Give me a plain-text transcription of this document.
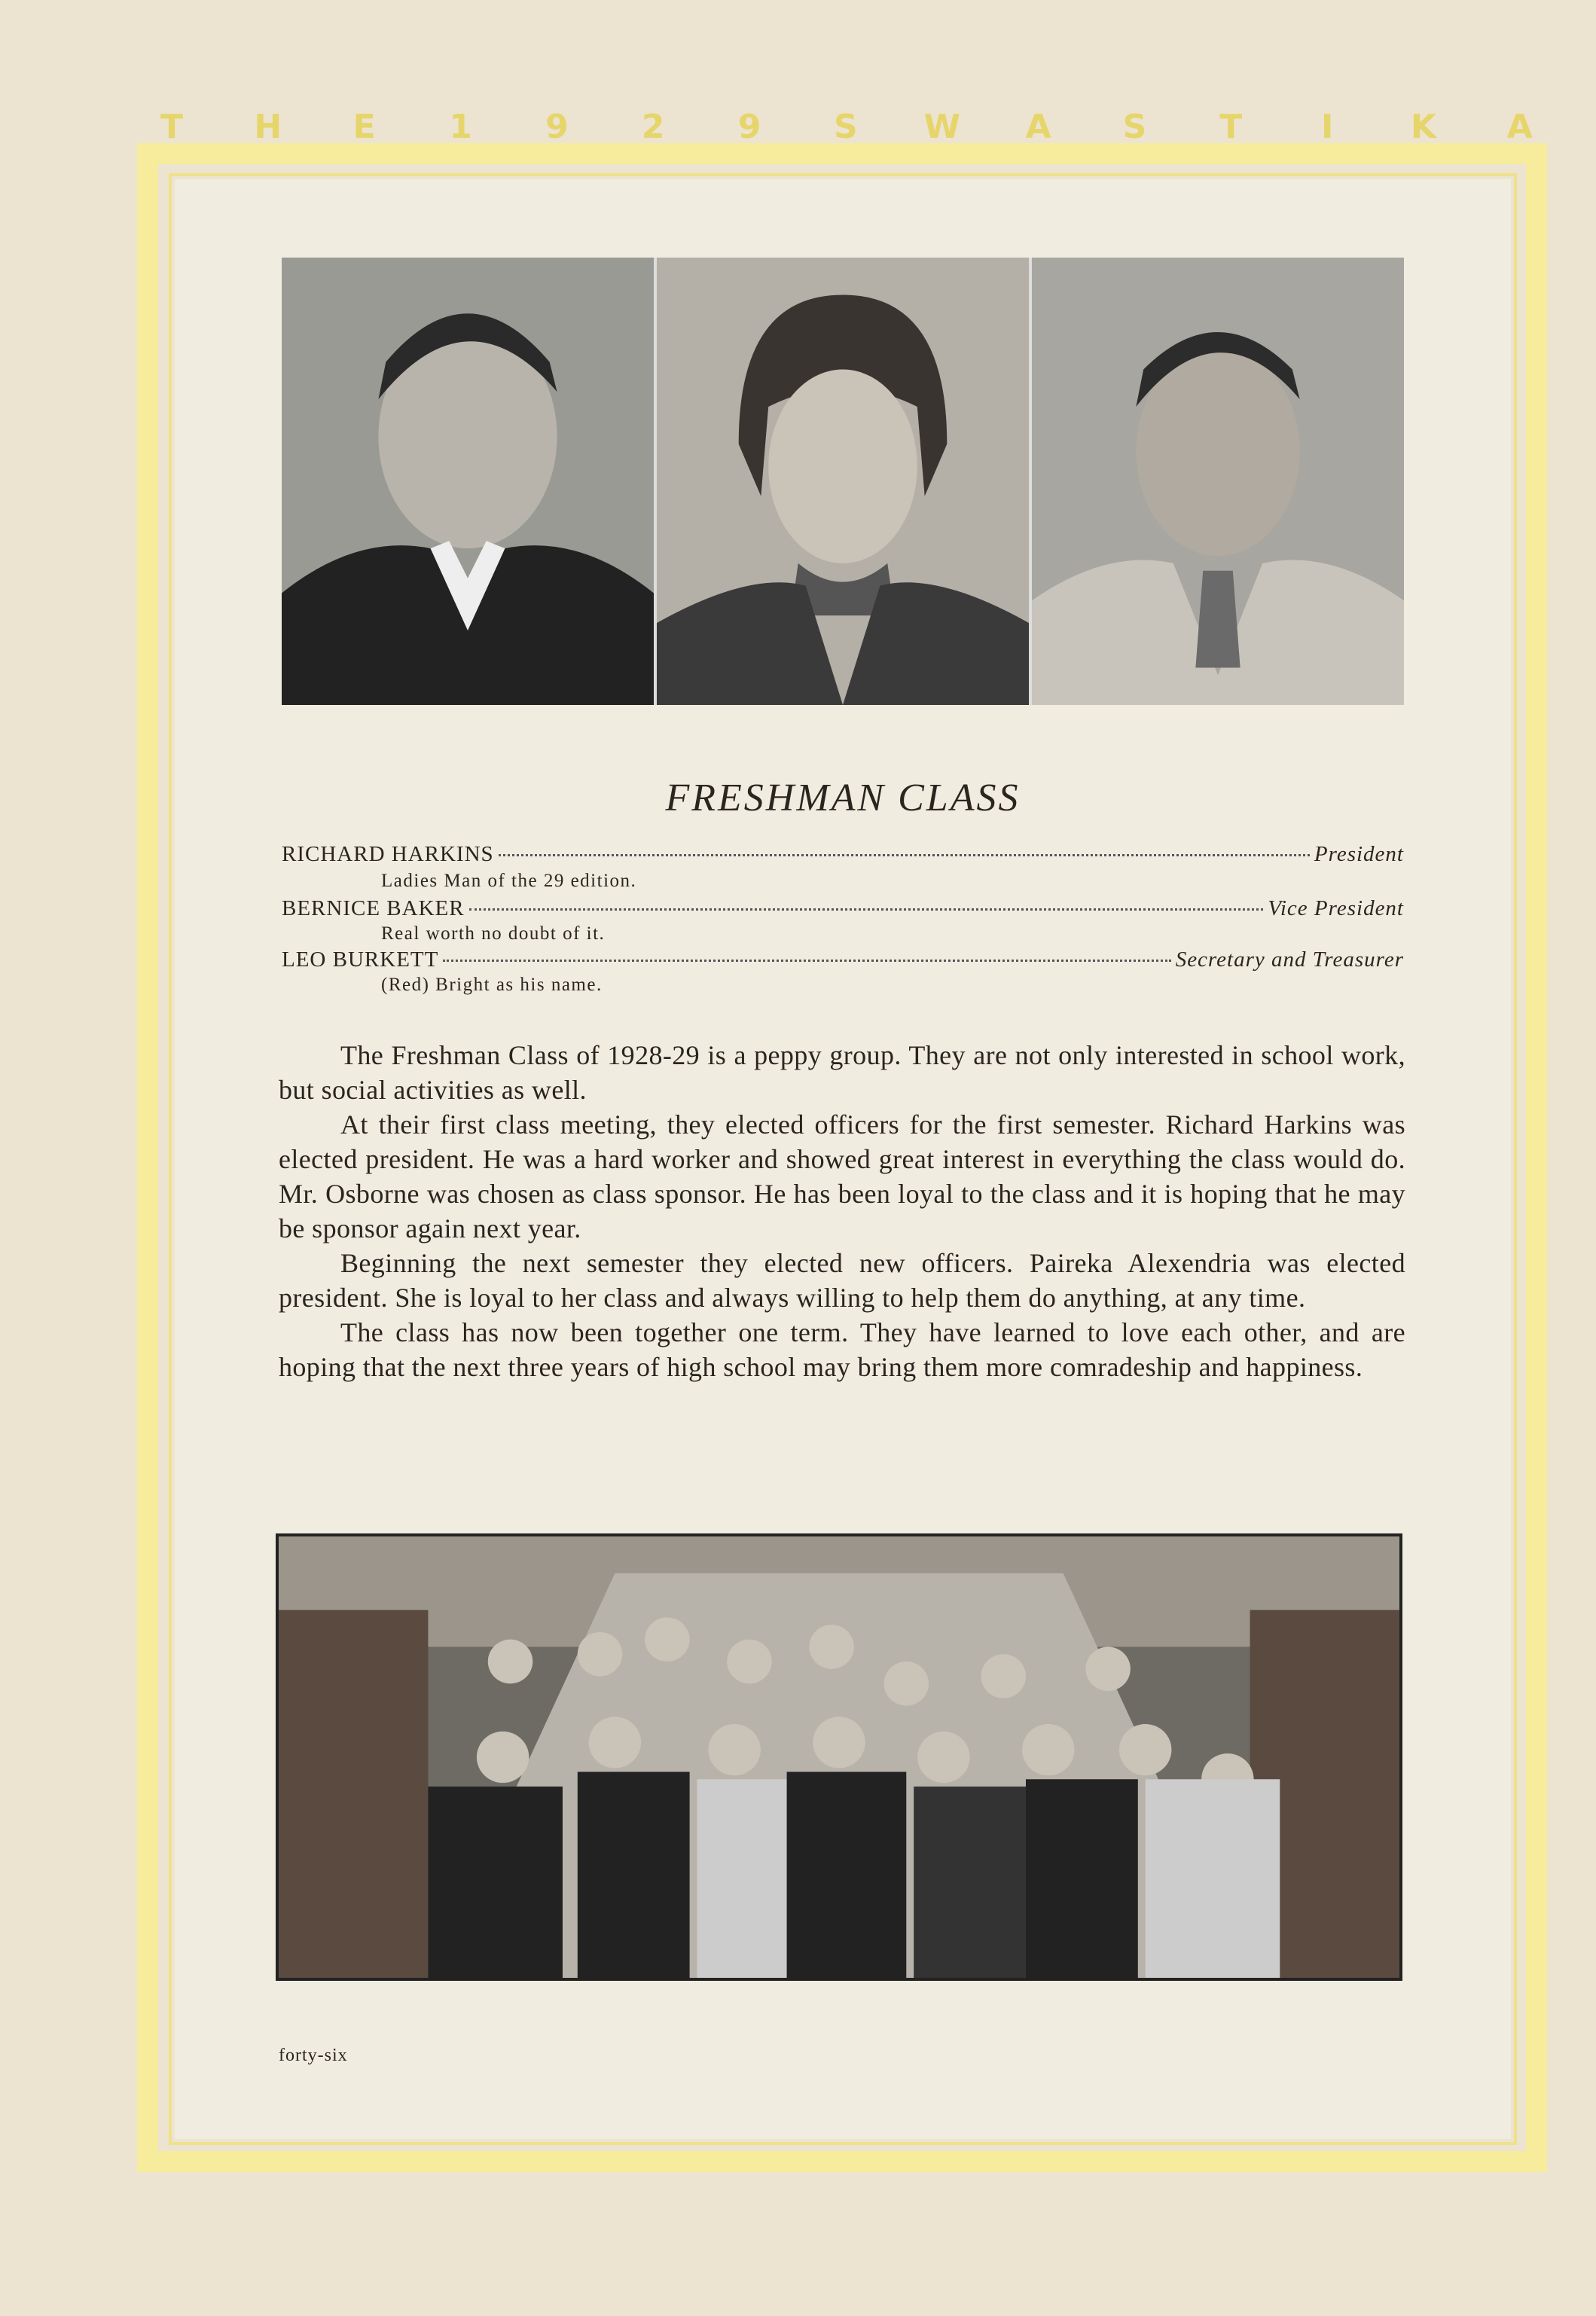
T	H	E	1	9	2	9	S	W	A	S	T	I	K	A
FRESHMAN CLASS
RICHARD HARKINS	President
Ladies Man of the 29 edition.
BERNICE BAKER	Vice President
Real worth no doubt of it.
LEO BURKETT	Secretary and Treasurer
(Red) Bright as his name.

The Freshman Class of 1928-29 is a peppy group. They are not only interested in school work, but social activities as well.

At their first class meeting, they elected officers for the first semester. Richard Harkins was elected president. He was a hard worker and showed great interest in everything the class would do. Mr. Osborne was chosen as class sponsor. He has been loyal to the class and it is hoping that he may be sponsor again next year.

Beginning the next semester they elected new officers. Paireka Alexendria was elected president. She is loyal to her class and always willing to help them do anything, at any time.

The class has now been together one term. They have learned to love each other, and are hoping that the next three years of high school may bring them more comradeship and happiness.

forty-six
